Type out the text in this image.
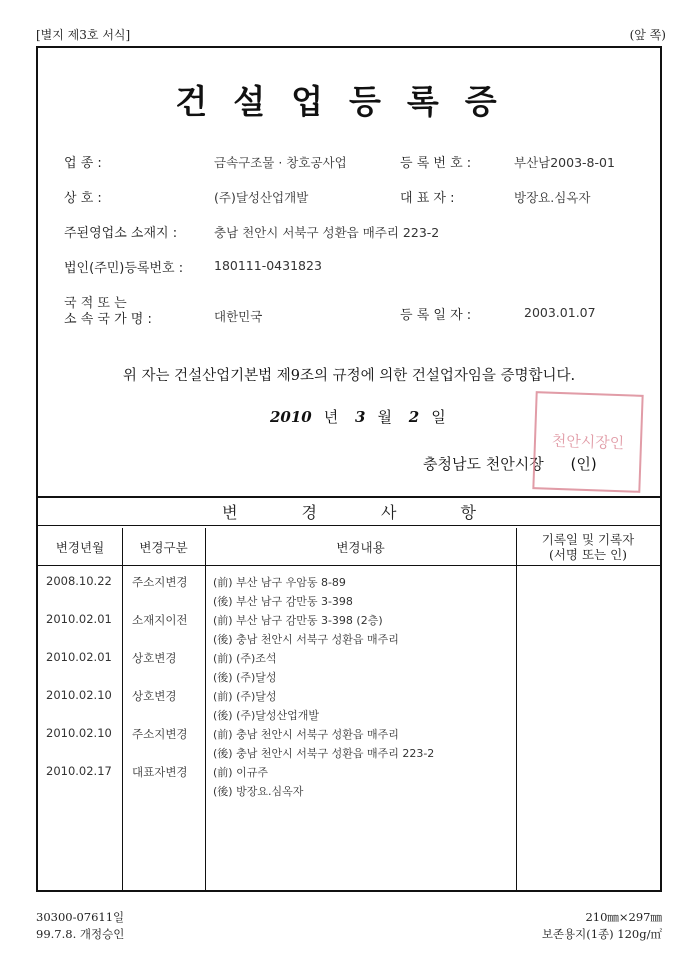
[별지 제3호 서식]	(앞 쪽)
건설업등록증
업 종 :	금속구조물 · 창호공사업	등 록 번 호 :	부산남2003-8-01
상 호 :	(주)달성산업개발	대 표 자 :	방장요.심옥자
주된영업소 소재지 :	충남 천안시 서북구 성환읍 매주리 223-2
법인(주민)등록번호 : 180111-0431823
국 적 또 는
소 속 국 가 명 :	대한민국	등 록 일 자 :	2003.01.07
위 자는 건설산업기본법 제9조의 규정에 의한 건설업자임을 증명합니다.
2010 년 3 월 2 일
충청남도 천안시장 (인)
천안시장인
변경사항
변경년월	변경구분	변경내용
기록일 및 기록자
(서명 또는 인)
2008.10.22 주소지변경 (前) 부산 남구 우암동 8-89
(後) 부산 남구 감만동 3-398
2010.02.01 소재지이전 (前) 부산 남구 감만동 3-398 (2층)
(後) 충남 천안시 서북구 성환읍 매주리
2010.02.01 상호변경	(前) (주)조석
(後) (주)달성
2010.02.10 상호변경	(前) (주)달성
(後) (주)달성산업개발
2010.02.10 주소지변경 (前) 충남 천안시 서북구 성환읍 매주리
(後) 충남 천안시 서북구 성환읍 매주리 223-2
2010.02.17 대표자변경 (前) 이규주
(後) 방장요.심옥자
30300-07611일
99.7.8. 개정승인
210㎜×297㎜
보존용지(1종) 120g/㎡
